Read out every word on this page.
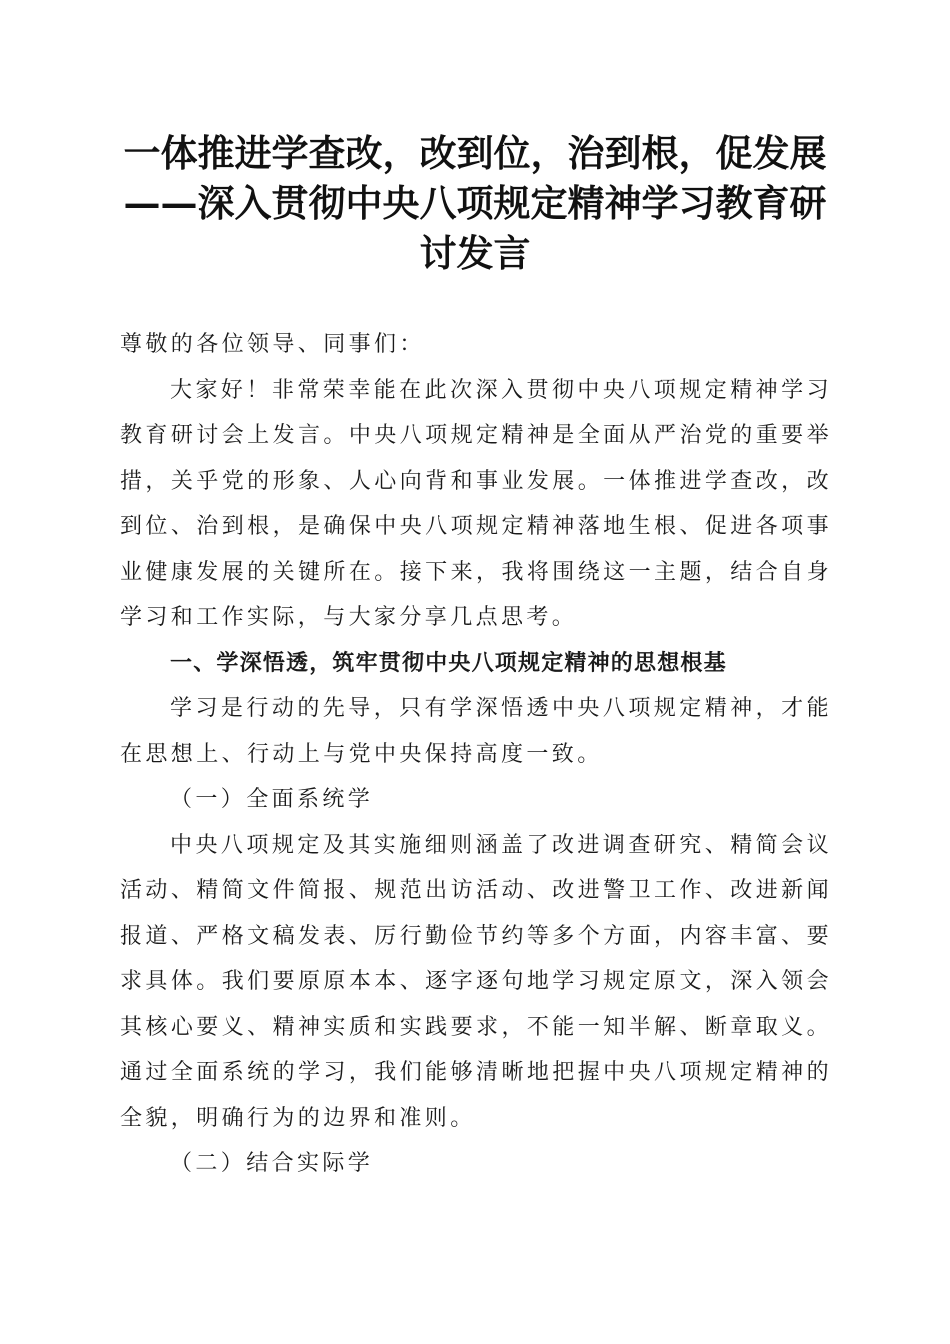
一体推进学查改，改到位，治到根，促发展——深入贯彻中央八项规定精神学习教育研讨发言

尊敬的各位领导、同事们：

大家好！非常荣幸能在此次深入贯彻中央八项规定精神学习教育研讨会上发言。中央八项规定精神是全面从严治党的重要举措，关乎党的形象、人心向背和事业发展。一体推进学查改，改到位、治到根，是确保中央八项规定精神落地生根、促进各项事业健康发展的关键所在。接下来，我将围绕这一主题，结合自身学习和工作实际，与大家分享几点思考。

一、学深悟透，筑牢贯彻中央八项规定精神的思想根基

学习是行动的先导，只有学深悟透中央八项规定精神，才能在思想上、行动上与党中央保持高度一致。

（一）全面系统学

中央八项规定及其实施细则涵盖了改进调查研究、精简会议活动、精简文件简报、规范出访活动、改进警卫工作、改进新闻报道、严格文稿发表、厉行勤俭节约等多个方面，内容丰富、要求具体。我们要原原本本、逐字逐句地学习规定原文，深入领会其核心要义、精神实质和实践要求，不能一知半解、断章取义。通过全面系统的学习，我们能够清晰地把握中央八项规定精神的全貌，明确行为的边界和准则。

（二）结合实际学
